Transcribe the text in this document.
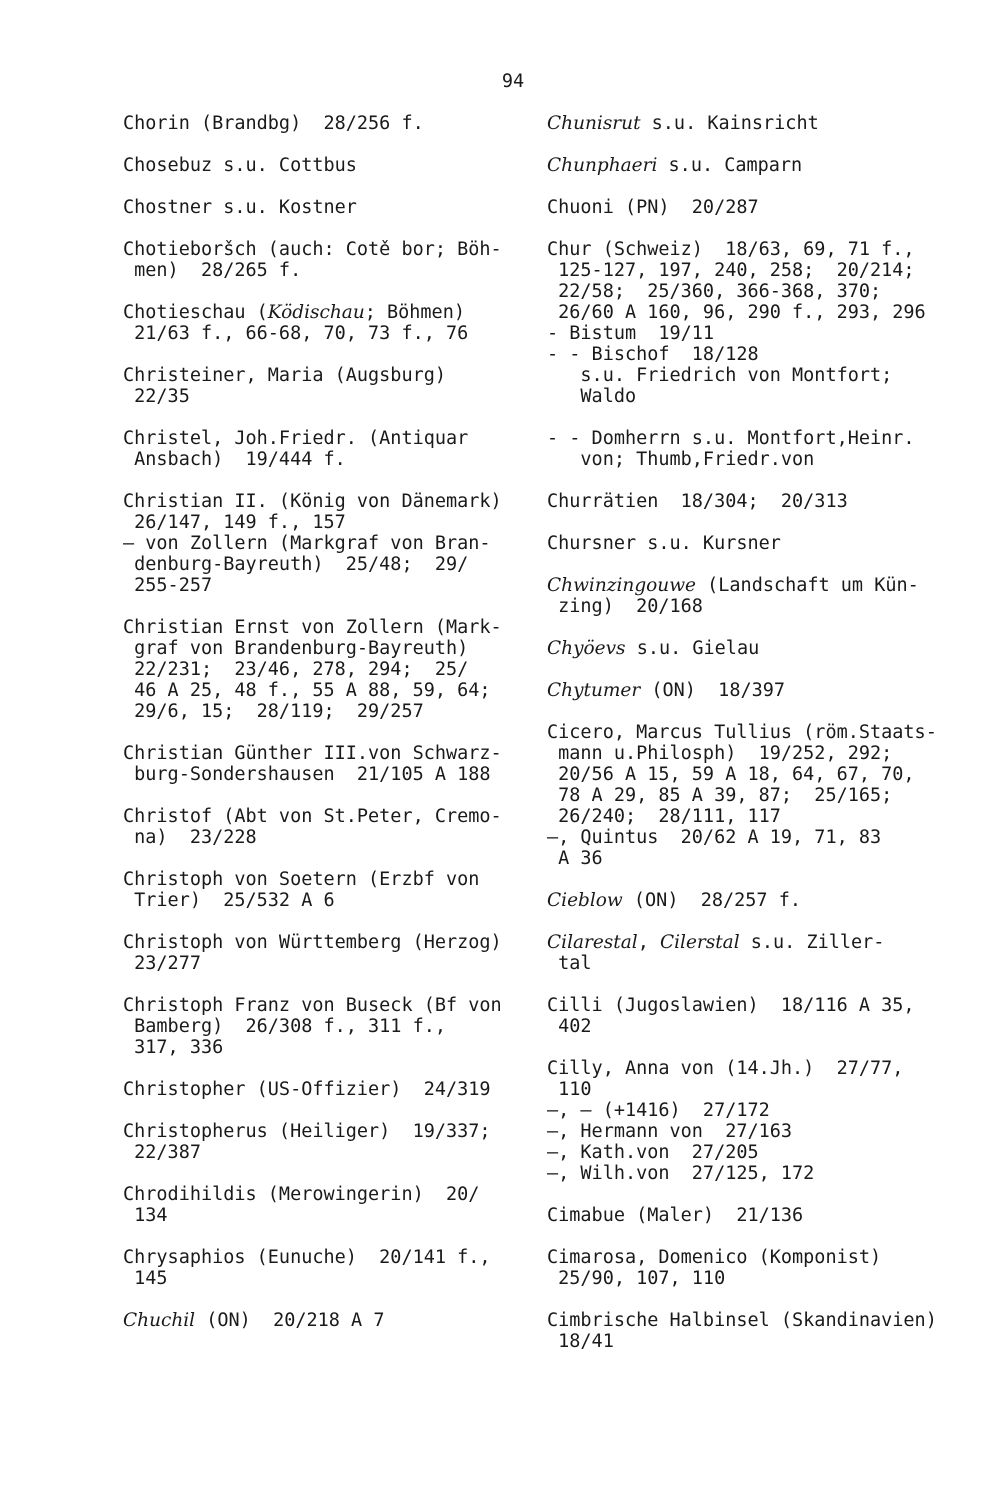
94
Chorin (Brandbg)  28/256 f.
Chosebuz s.u. Cottbus
Chostner s.u. Kostner
Chotieboršch (auch: Cotě bor; Böh-
men)  28/265 f.
Chotieschau (Ködischau; Böhmen)
21/63 f., 66-68, 70, 73 f., 76
Christeiner, Maria (Augsburg)
22/35
Christel, Joh.Friedr. (Antiquar
Ansbach)  19/444 f.
Christian II. (König von Dänemark)
26/147, 149 f., 157
— von Zollern (Markgraf von Bran-
denburg-Bayreuth)  25/48;  29/
255-257
Christian Ernst von Zollern (Mark-
graf von Brandenburg-Bayreuth)
22/231;  23/46, 278, 294;  25/
46 A 25, 48 f., 55 A 88, 59, 64;
29/6, 15;  28/119;  29/257
Christian Günther III.von Schwarz-
burg-Sondershausen  21/105 A 188
Christof (Abt von St.Peter, Cremo-
na)  23/228
Christoph von Soetern (Erzbf von
Trier)  25/532 A 6
Christoph von Württemberg (Herzog)
23/277
Christoph Franz von Buseck (Bf von
Bamberg)  26/308 f., 311 f.,
317, 336
Christopher (US-Offizier)  24/319
Christopherus (Heiliger)  19/337;
22/387
Chrodihildis (Merowingerin)  20/
134
Chrysaphios (Eunuche)  20/141 f.,
145
Chuchil (ON)  20/218 A 7
Chunisrut s.u. Kainsricht
Chunphaeri s.u. Camparn
Chuoni (PN)  20/287
Chur (Schweiz)  18/63, 69, 71 f.,
125-127, 197, 240, 258;  20/214;
22/58;  25/360, 366-368, 370;
26/60 A 160, 96, 290 f., 293, 296
- Bistum  19/11
- - Bischof  18/128
s.u. Friedrich von Montfort;
Waldo
- - Domherrn s.u. Montfort,Heinr.
von; Thumb,Friedr.von
Churrätien  18/304;  20/313
Chursner s.u. Kursner
Chwinzingouwe (Landschaft um Kün-
zing)  20/168
Chyöevs s.u. Gielau
Chytumer (ON)  18/397
Cicero, Marcus Tullius (röm.Staats-
mann u.Philosph)  19/252, 292;
20/56 A 15, 59 A 18, 64, 67, 70,
78 A 29, 85 A 39, 87;  25/165;
26/240;  28/111, 117
—, Quintus  20/62 A 19, 71, 83
A 36
Cieblow (ON)  28/257 f.
Cilarestal, Cilerstal s.u. Ziller-
tal
Cilli (Jugoslawien)  18/116 A 35,
402
Cilly, Anna von (14.Jh.)  27/77,
110
—, — (+1416)  27/172
—, Hermann von  27/163
—, Kath.von  27/205
—, Wilh.von  27/125, 172
Cimabue (Maler)  21/136
Cimarosa, Domenico (Komponist)
25/90, 107, 110
Cimbrische Halbinsel (Skandinavien)
18/41
